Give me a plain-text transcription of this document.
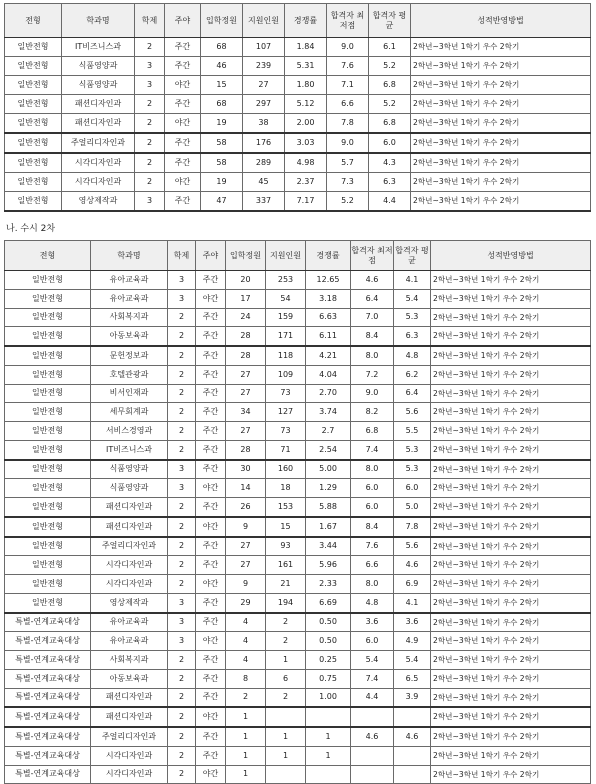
전형	학과명	학제	주야	입학정원	지원인원	경쟁률	합격자 최저점	합격자 평균	성적반영방법
일반전형	IT비즈니스과	2	주간	68	107	1.84	9.0	6.1	2학년~3학년 1학기 우수 2학기
일반전형	식품영양과	3	주간	46	239	5.31	7.6	5.2	2학년~3학년 1학기 우수 2학기
일반전형	식품영양과	3	야간	15	27	1.80	7.1	6.8	2학년~3학년 1학기 우수 2학기
일반전형	패션디자인과	2	주간	68	297	5.12	6.6	5.2	2학년~3학년 1학기 우수 2학기
일반전형	패션디자인과	2	야간	19	38	2.00	7.8	6.8	2학년~3학년 1학기 우수 2학기
일반전형	주얼리디자인과	2	주간	58	176	3.03	9.0	6.0	2학년~3학년 1학기 우수 2학기
일반전형	시각디자인과	2	주간	58	289	4.98	5.7	4.3	2학년~3학년 1학기 우수 2학기
일반전형	시각디자인과	2	야간	19	45	2.37	7.3	6.3	2학년~3학년 1학기 우수 2학기
일반전형	영상제작과	3	주간	47	337	7.17	5.2	4.4	2학년~3학년 1학기 우수 2학기
나. 수시 2차
전형	학과명	학제	주야	입학정원	지원인원	경쟁률	합격자 최저점	합격자 평균	성적반영방법
일반전형	유아교육과	3	주간	20	253	12.65	4.6	4.1	2학년~3학년 1학기 우수 2학기
일반전형	유아교육과	3	야간	17	54	3.18	6.4	5.4	2학년~3학년 1학기 우수 2학기
일반전형	사회복지과	2	주간	24	159	6.63	7.0	5.3	2학년~3학년 1학기 우수 2학기
일반전형	아동보육과	2	주간	28	171	6.11	8.4	6.3	2학년~3학년 1학기 우수 2학기
일반전형	문헌정보과	2	주간	28	118	4.21	8.0	4.8	2학년~3학년 1학기 우수 2학기
일반전형	호텔관광과	2	주간	27	109	4.04	7.2	6.2	2학년~3학년 1학기 우수 2학기
일반전형	비서인재과	2	주간	27	73	2.70	9.0	6.4	2학년~3학년 1학기 우수 2학기
일반전형	세무회계과	2	주간	34	127	3.74	8.2	5.6	2학년~3학년 1학기 우수 2학기
일반전형	서비스경영과	2	주간	27	73	2.7	6.8	5.5	2학년~3학년 1학기 우수 2학기
일반전형	IT비즈니스과	2	주간	28	71	2.54	7.4	5.3	2학년~3학년 1학기 우수 2학기
일반전형	식품영양과	3	주간	30	160	5.00	8.0	5.3	2학년~3학년 1학기 우수 2학기
일반전형	식품영양과	3	야간	14	18	1.29	6.0	6.0	2학년~3학년 1학기 우수 2학기
일반전형	패션디자인과	2	주간	26	153	5.88	6.0	5.0	2학년~3학년 1학기 우수 2학기
일반전형	패션디자인과	2	야간	9	15	1.67	8.4	7.8	2학년~3학년 1학기 우수 2학기
일반전형	주얼리디자인과	2	주간	27	93	3.44	7.6	5.6	2학년~3학년 1학기 우수 2학기
일반전형	시각디자인과	2	주간	27	161	5.96	6.6	4.6	2학년~3학년 1학기 우수 2학기
일반전형	시각디자인과	2	야간	9	21	2.33	8.0	6.9	2학년~3학년 1학기 우수 2학기
일반전형	영상제작과	3	주간	29	194	6.69	4.8	4.1	2학년~3학년 1학기 우수 2학기
특별-연계교육대상	유아교육과	3	주간	4	2	0.50	3.6	3.6	2학년~3학년 1학기 우수 2학기
특별-연계교육대상	유아교육과	3	야간	4	2	0.50	6.0	4.9	2학년~3학년 1학기 우수 2학기
특별-연계교육대상	사회복지과	2	주간	4	1	0.25	5.4	5.4	2학년~3학년 1학기 우수 2학기
특별-연계교육대상	아동보육과	2	주간	8	6	0.75	7.4	6.5	2학년~3학년 1학기 우수 2학기
특별-연계교육대상	패션디자인과	2	주간	2	2	1.00	4.4	3.9	2학년~3학년 1학기 우수 2학기
특별-연계교육대상	패션디자인과	2	야간	1					2학년~3학년 1학기 우수 2학기
특별-연계교육대상	주얼리디자인과	2	주간	1	1	1	4.6	4.6	2학년~3학년 1학기 우수 2학기
특별-연계교육대상	시각디자인과	2	주간	1	1	1			2학년~3학년 1학기 우수 2학기
특별-연계교육대상	시각디자인과	2	야간	1					2학년~3학년 1학기 우수 2학기
